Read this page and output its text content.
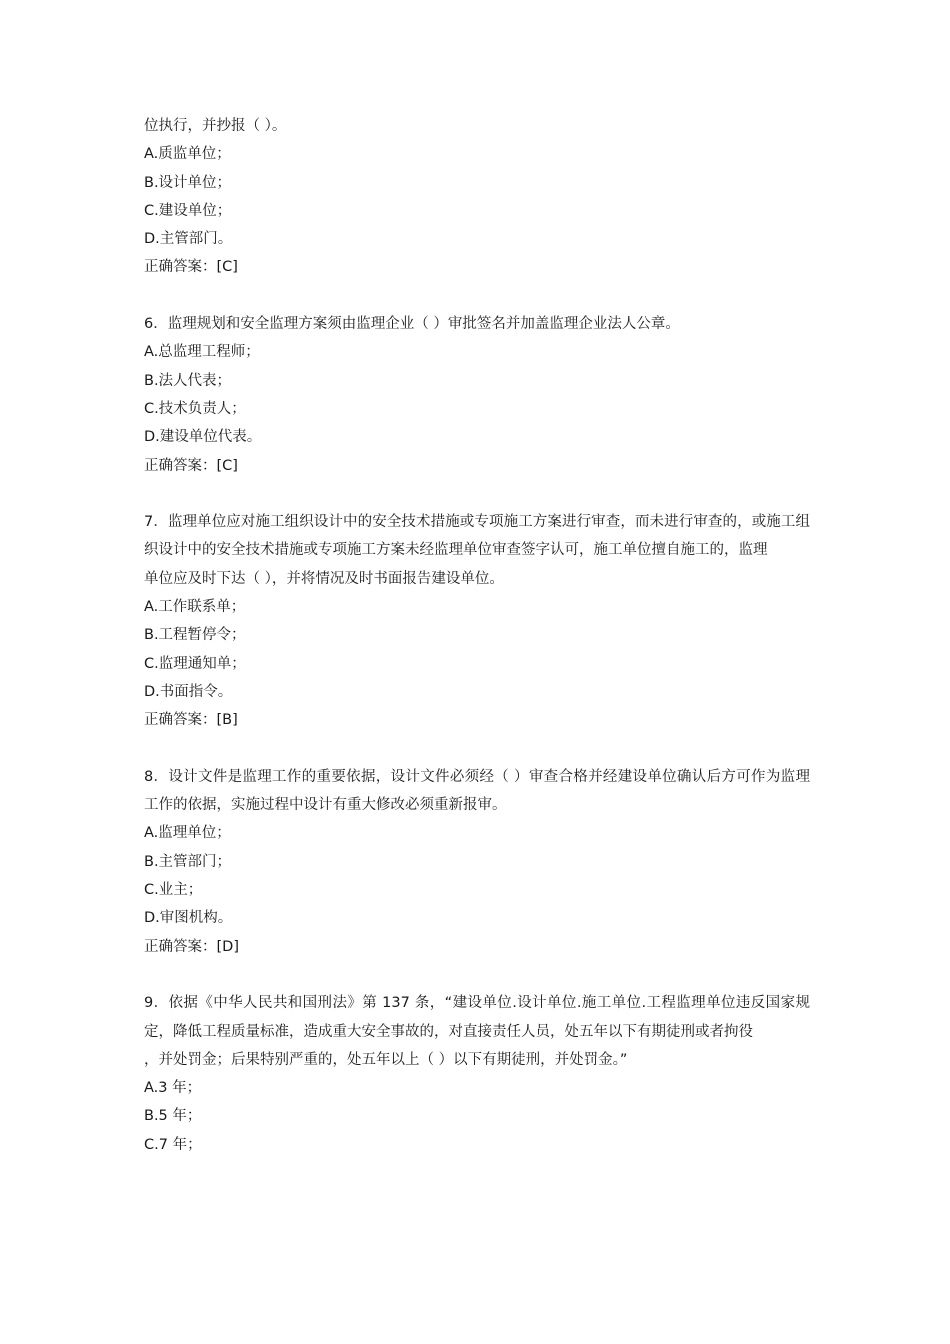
位执行，并抄报（ ）。

A.质监单位；

B.设计单位；

C.建设单位；

D.主管部门。

正确答案：[C]

6．监理规划和安全监理方案须由监理企业（ ）审批签名并加盖监理企业法人公章。

A.总监理工程师；

B.法人代表；

C.技术负责人；

D.建设单位代表。

正确答案：[C]

7．监理单位应对施工组织设计中的安全技术措施或专项施工方案进行审查，而未进行审查的，或施工组织设计中的安全技术措施或专项施工方案未经监理单位审查签字认可，施工单位擅自施工的，监理

单位应及时下达（ ），并将情况及时书面报告建设单位。

A.工作联系单；

B.工程暂停令；

C.监理通知单；

D.书面指令。

正确答案：[B]

8．设计文件是监理工作的重要依据，设计文件必须经（ ）审查合格并经建设单位确认后方可作为监理工作的依据，实施过程中设计有重大修改必须重新报审。

A.监理单位；

B.主管部门；

C.业主；

D.审图机构。

正确答案：[D]

9．依据《中华人民共和国刑法》第 137 条，“建设单位.设计单位.施工单位.工程监理单位违反国家规定，降低工程质量标准，造成重大安全事故的，对直接责任人员，处五年以下有期徒刑或者拘役

，并处罚金；后果特别严重的，处五年以上（ ）以下有期徒刑，并处罚金。”

A.3 年；

B.5 年；

C.7 年；
